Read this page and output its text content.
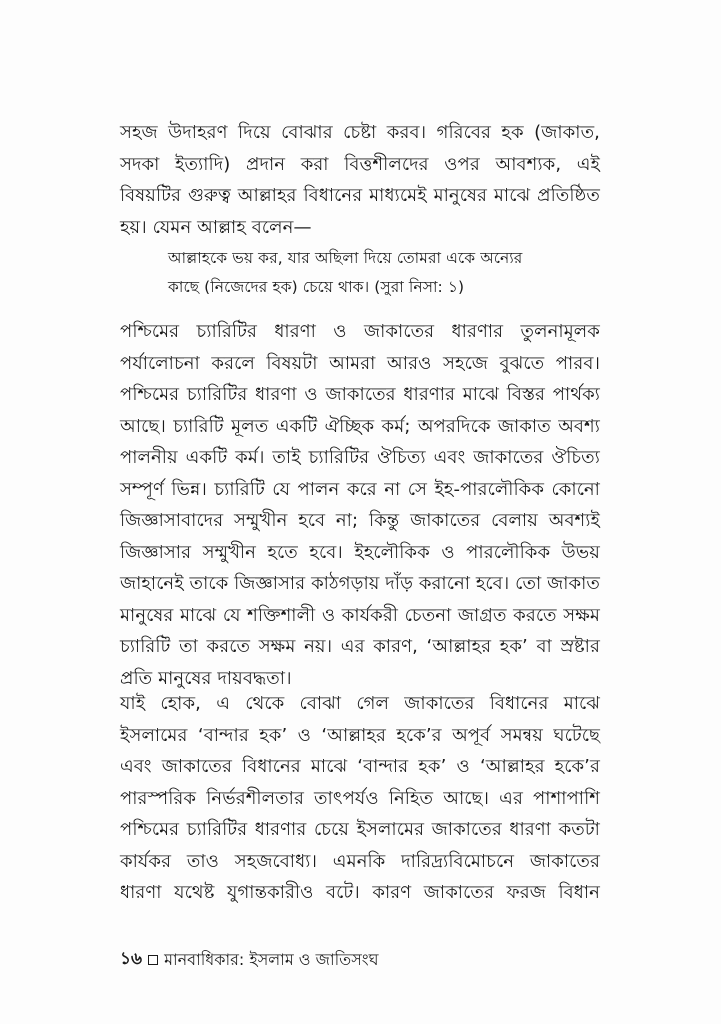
সহজ উদাহরণ দিয়ে বোঝার চেষ্টা করব। গরিবের হক (জাকাত,
সদকা ইত্যাদি) প্রদান করা বিত্তশীলদের ওপর আবশ্যক, এই
বিষয়টির গুরুত্ব আল্লাহর বিধানের মাধ্যমেই মানুষের মাঝে প্রতিষ্ঠিত
হয়। যেমন আল্লাহ বলেন—
আল্লাহকে ভয় কর, যার অছিলা দিয়ে তোমরা একে অন্যের
কাছে (নিজেদের হক) চেয়ে থাক। (সুরা নিসা: ১)
পশ্চিমের চ্যারিটির ধারণা ও জাকাতের ধারণার তুলনামূলক
পর্যালোচনা করলে বিষয়টা আমরা আরও সহজে বুঝতে পারব।
পশ্চিমের চ্যারিটির ধারণা ও জাকাতের ধারণার মাঝে বিস্তর পার্থক্য
আছে। চ্যারিটি মূলত একটি ঐচ্ছিক কর্ম; অপরদিকে জাকাত অবশ্য
পালনীয় একটি কর্ম। তাই চ্যারিটির ঔচিত্য এবং জাকাতের ঔচিত্য
সম্পূর্ণ ভিন্ন। চ্যারিটি যে পালন করে না সে ইহ-পারলৌকিক কোনো
জিজ্ঞাসাবাদের সম্মুখীন হবে না; কিন্তু জাকাতের বেলায় অবশ্যই
জিজ্ঞাসার সম্মুখীন হতে হবে। ইহলৌকিক ও পারলৌকিক উভয়
জাহানেই তাকে জিজ্ঞাসার কাঠগড়ায় দাঁড় করানো হবে। তো জাকাত
মানুষের মাঝে যে শক্তিশালী ও কার্যকরী চেতনা জাগ্রত করতে সক্ষম
চ্যারিটি তা করতে সক্ষম নয়। এর কারণ, ‘আল্লাহর হক’ বা স্রষ্টার
প্রতি মানুষের দায়বদ্ধতা।
যাই হোক, এ থেকে বোঝা গেল জাকাতের বিধানের মাঝে
ইসলামের ‘বান্দার হক’ ও ‘আল্লাহর হকে’র অপূর্ব সমন্বয় ঘটেছে
এবং জাকাতের বিধানের মাঝে ‘বান্দার হক’ ও ‘আল্লাহর হকে’র
পারস্পরিক নির্ভরশীলতার তাৎপর্যও নিহিত আছে। এর পাশাপাশি
পশ্চিমের চ্যারিটির ধারণার চেয়ে ইসলামের জাকাতের ধারণা কতটা
কার্যকর তাও সহজবোধ্য। এমনকি দারিদ্র্যবিমোচনে জাকাতের
ধারণা যথেষ্ট যুগান্তকারীও বটে। কারণ জাকাতের ফরজ বিধান
১৬ মানবাধিকার: ইসলাম ও জাতিসংঘ
